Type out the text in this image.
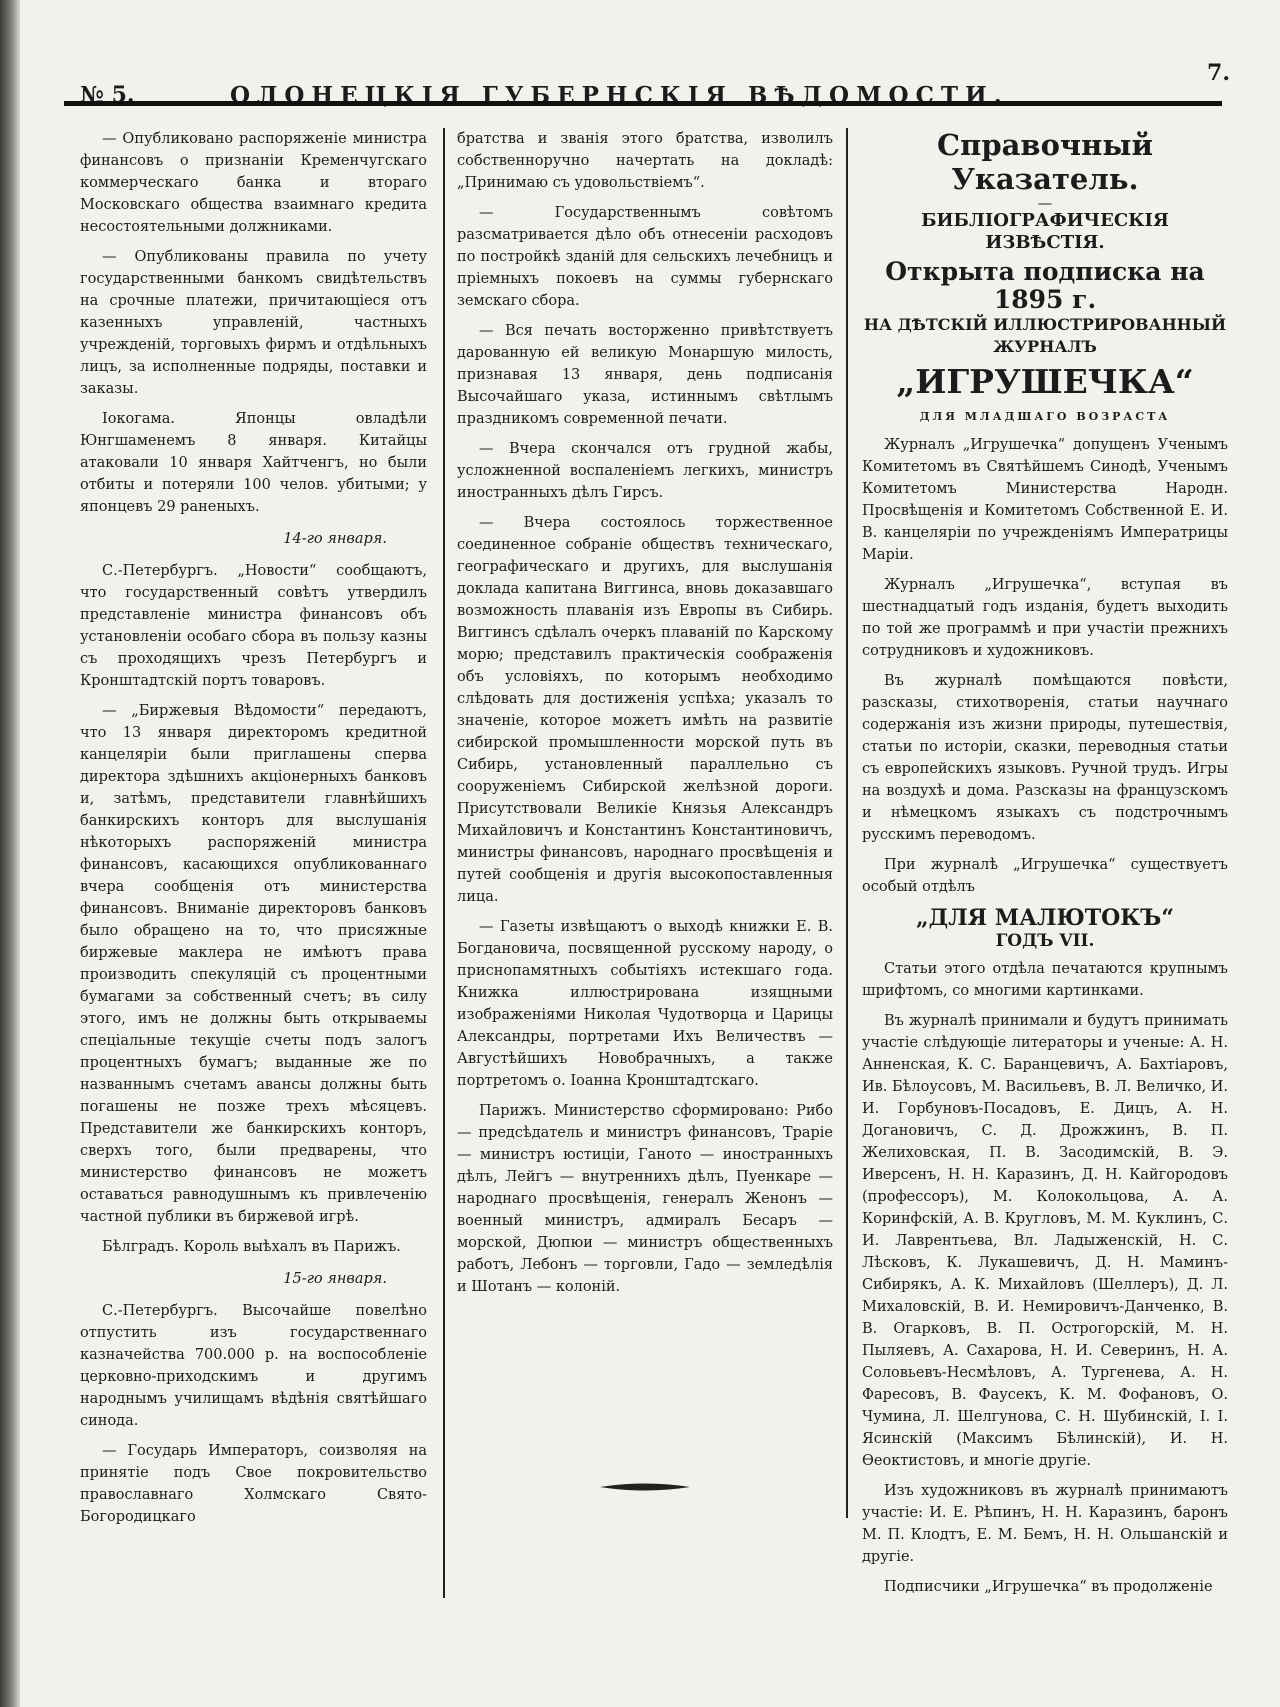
№ 5.	ОЛОНЕЦКІЯ ГУБЕРНСКІЯ ВѢДОМОСТИ.
7.

— Опубликовано распоряженіе министра финансовъ о признаніи Кременчугскаго коммерческаго банка и втораго Московскаго общества взаимнаго кредита несостоятельными должниками.

— Опубликованы правила по учету государственными банкомъ свидѣтельствъ на срочные платежи, причитающіеся отъ казенныхъ управленій, частныхъ учрежденій, торговыхъ фирмъ и отдѣльныхъ лицъ, за исполненные подряды, поставки и заказы.

Іокогама. Японцы овладѣли Юнгшаменемъ 8 января. Китайцы атаковали 10 января Хайтченгъ, но были отбиты и потеряли 100 челов. убитыми; у японцевъ 29 раненыхъ.

14-го января.

С.-Петербургъ. „Новости“ сообщаютъ, что государственный совѣтъ утвердилъ представленіе министра финансовъ объ установленіи особаго сбора въ пользу казны съ проходящихъ чрезъ Петербургъ и Кронштадтскій портъ товаровъ.

— „Биржевыя Вѣдомости“ передаютъ, что 13 января директоромъ кредитной канцеляріи были приглашены сперва директора здѣшнихъ акціонерныхъ банковъ и, затѣмъ, представители главнѣйшихъ банкирскихъ конторъ для выслушанія нѣкоторыхъ распоряженій министра финансовъ, касающихся опубликованнаго вчера сообщенія отъ министерства финансовъ. Вниманіе директоровъ банковъ было обращено на то, что присяжные биржевые маклера не имѣютъ права производить спекуляцій съ процентными бумагами за собственный счетъ; въ силу этого, имъ не должны быть открываемы спеціальные текущіе счеты подъ залогъ процентныхъ бумагъ; выданные же по названнымъ счетамъ авансы должны быть погашены не позже трехъ мѣсяцевъ. Представители же банкирскихъ конторъ, сверхъ того, были предварены, что министерство финансовъ не можетъ оставаться равнодушнымъ къ привлеченію частной публики въ биржевой игрѣ.

Бѣлградъ. Король выѣхалъ въ Парижъ.

15-го января.

С.-Петербургъ. Высочайше повелѣно отпустить изъ государственнаго казначейства 700.000 р. на воспособленіе церковно-приходскимъ и другимъ народнымъ училищамъ вѣдѣнія святѣйшаго синода.

— Государь Императоръ, соизволяя на принятіе подъ Свое покровительство православнаго Холмскаго Свято-Богородицкаго

братства и званія этого братства, изволилъ собственноручно начертать на докладѣ: „Принимаю съ удовольствіемъ“.

— Государственнымъ совѣтомъ разсматривается дѣло объ отнесеніи расходовъ по постройкѣ зданій для сельскихъ лечебницъ и пріемныхъ покоевъ на суммы губернскаго земскаго сбора.

— Вся печать восторженно привѣтствуетъ дарованную ей великую Монаршую милость, признавая 13 января, день подписанія Высочайшаго указа, истиннымъ свѣтлымъ праздникомъ современной печати.

— Вчера скончался отъ грудной жабы, усложненной воспаленіемъ легкихъ, министръ иностранныхъ дѣлъ Гирсъ.

— Вчера состоялось торжественное соединенное собраніе обществъ техническаго, географическаго и другихъ, для выслушанія доклада капитана Виггинса, вновь доказавшаго возможность плаванія изъ Европы въ Сибирь. Виггинсъ сдѣлалъ очеркъ плаваній по Карскому морю; представилъ практическія соображенія объ условіяхъ, по которымъ необходимо слѣдовать для достиженія успѣха; указалъ то значеніе, которое можетъ имѣть на развитіе сибирской промышленности морской путь въ Сибирь, установленный параллельно съ сооруженіемъ Сибирской желѣзной дороги. Присутствовали Великіе Князья Александръ Михайловичъ и Константинъ Константиновичъ, министры финансовъ, народнаго просвѣщенія и путей сообщенія и другія высокопоставленныя лица.

— Газеты извѣщаютъ о выходѣ книжки Е. В. Богдановича, посвященной русскому народу, о приснопамятныхъ событіяхъ истекшаго года. Книжка иллюстрирована изящными изображеніями Николая Чудотворца и Царицы Александры, портретами Ихъ Величествъ — Августѣйшихъ Новобрачныхъ, а также портретомъ о. Іоанна Кронштадтскаго.

Парижъ. Министерство сформировано: Рибо — предсѣдатель и министръ финансовъ, Траріе — министръ юстиціи, Ганото — иностранныхъ дѣлъ, Лейгъ — внутреннихъ дѣлъ, Пуенкаре — народнаго просвѣщенія, генералъ Женонъ — военный министръ, адмиралъ Бесаръ — морской, Дюпюи — министръ общественныхъ работъ, Лебонъ — торговли, Гадо — земледѣлія и Шотанъ — колоній.

Справочный Указатель.

—

БИБЛІОГРАФИЧЕСКІЯ ИЗВѢСТІЯ.

Открыта подписка на 1895 г.

НА ДѢТСКІЙ ИЛЛЮСТРИРОВАННЫЙ ЖУРНАЛЪ

„ИГРУШЕЧКА“

ДЛЯ МЛАДШАГО ВОЗРАСТА

Журналъ „Игрушечка“ допущенъ Ученымъ Комитетомъ въ Святѣйшемъ Синодѣ, Ученымъ Комитетомъ Министерства Народн. Просвѣщенія и Комитетомъ Собственной Е. И. В. канцеляріи по учрежденіямъ Императрицы Маріи.

Журналъ „Игрушечка“, вступая въ шестнадцатый годъ изданія, будетъ выходить по той же программѣ и при участіи прежнихъ сотрудниковъ и художниковъ.

Въ журналѣ помѣщаются повѣсти, разсказы, стихотворенія, статьи научнаго содержанія изъ жизни природы, путешествія, статьи по исторіи, сказки, переводныя статьи съ европейскихъ языковъ. Ручной трудъ. Игры на воздухѣ и дома. Разсказы на французскомъ и нѣмецкомъ языкахъ съ подстрочнымъ русскимъ переводомъ.

При журналѣ „Игрушечка“ существуетъ особый отдѣлъ

„ДЛЯ МАЛЮТОКЪ“

ГОДЪ VII.

Статьи этого отдѣла печатаются крупнымъ шрифтомъ, со многими картинками.

Въ журналѣ принимали и будутъ принимать участіе слѣдующіе литераторы и ученые: А. Н. Анненская, К. С. Баранцевичъ, А. Бахтіаровъ, Ив. Бѣлоусовъ, М. Васильевъ, В. Л. Величко, И. И. Горбуновъ-Посадовъ, Е. Дицъ, А. Н. Догановичъ, С. Д. Дрожжинъ, В. П. Желиховская, П. В. Засодимскій, В. Э. Иверсенъ, Н. Н. Каразинъ, Д. Н. Кайгородовъ (профессоръ), М. Колокольцова, А. А. Коринфскій, А. В. Кругловъ, М. М. Куклинъ, С. И. Лаврентьева, Вл. Ладыженскій, Н. С. Лѣсковъ, К. Лукашевичъ, Д. Н. Маминъ-Сибирякъ, А. К. Михайловъ (Шеллеръ), Д. Л. Михаловскій, В. И. Немировичъ-Данченко, В. В. Огарковъ, В. П. Острогорскій, М. Н. Пыляевъ, А. Сахарова, Н. И. Северинъ, Н. А. Соловьевъ-Несмѣловъ, А. Тургенева, А. Н. Фаресовъ, В. Фаусекъ, К. М. Фофановъ, О. Чумина, Л. Шелгунова, С. Н. Шубинскій, І. І. Ясинскій (Максимъ Бѣлинскій), И. Н. Өеоктистовъ, и многіе другіе.

Изъ художниковъ въ журналѣ принимаютъ участіе: И. Е. Рѣпинъ, Н. Н. Каразинъ, баронъ М. П. Клодтъ, Е. М. Бемъ, Н. Н. Ольшанскій и другіе.

Подписчики „Игрушечка“ въ продолженіе
